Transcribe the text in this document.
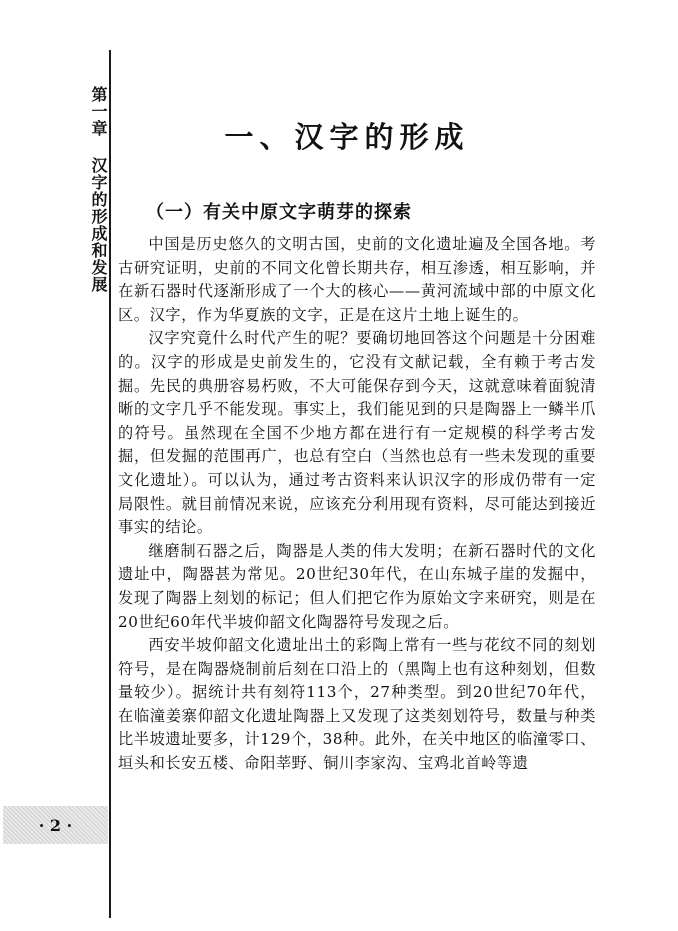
第一章 汉字的形成和发展
· 2 ·
一、汉字的形成
（一）有关中原文字萌芽的探索

中国是历史悠久的文明古国，史前的文化遗址遍及全国各地。考古研究证明，史前的不同文化曾长期共存，相互渗透，相互影响，并在新石器时代逐渐形成了一个大的核心——黄河流域中部的中原文化区。汉字，作为华夏族的文字，正是在这片土地上诞生的。

汉字究竟什么时代产生的呢？要确切地回答这个问题是十分困难的。汉字的形成是史前发生的，它没有文献记载，全有赖于考古发掘。先民的典册容易朽败，不大可能保存到今天，这就意味着面貌清晰的文字几乎不能发现。事实上，我们能见到的只是陶器上一鳞半爪的符号。虽然现在全国不少地方都在进行有一定规模的科学考古发掘，但发掘的范围再广，也总有空白（当然也总有一些未发现的重要文化遗址）。可以认为，通过考古资料来认识汉字的形成仍带有一定局限性。就目前情况来说，应该充分利用现有资料，尽可能达到接近事实的结论。

继磨制石器之后，陶器是人类的伟大发明；在新石器时代的文化遗址中，陶器甚为常见。20世纪30年代，在山东城子崖的发掘中，发现了陶器上刻划的标记；但人们把它作为原始文字来研究，则是在20世纪60年代半坡仰韶文化陶器符号发现之后。

西安半坡仰韶文化遗址出土的彩陶上常有一些与花纹不同的刻划符号，是在陶器烧制前后刻在口沿上的（黑陶上也有这种刻划，但数量较少）。据统计共有刻符113个，27种类型。到20世纪70年代，在临潼姜寨仰韶文化遗址陶器上又发现了这类刻划符号，数量与种类比半坡遗址要多，计129个，38种。此外，在关中地区的临潼零口、垣头和长安五楼、命阳莘野、铜川李家沟、宝鸡北首岭等遗
